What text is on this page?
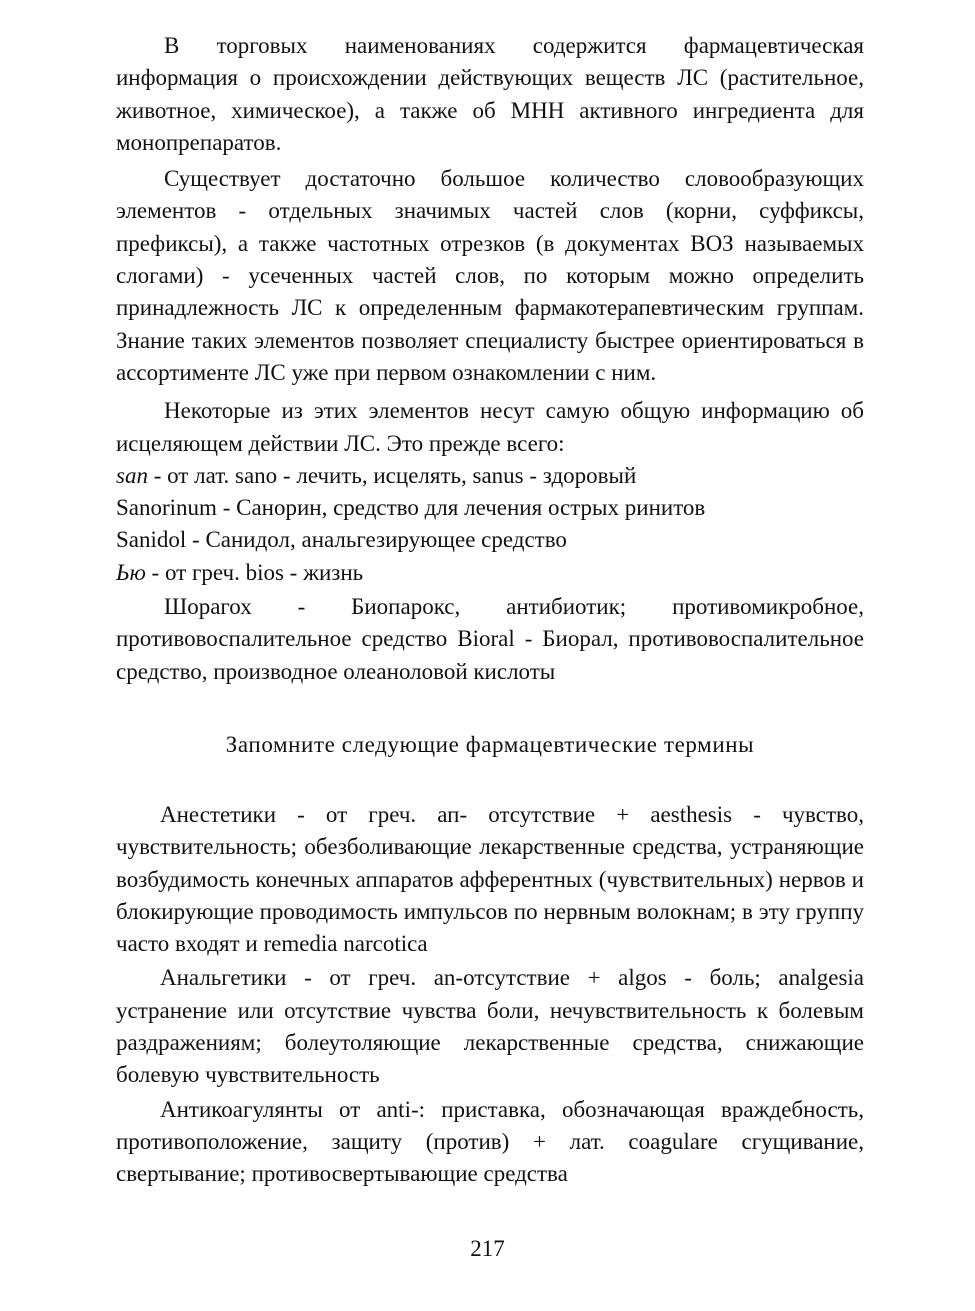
В торговых наименованиях содержится фармацевтическая информация о происхождении действующих веществ ЛС (растительное, животное, химическое), а также об МНН активного ингредиента для монопрепаратов.

Существует достаточно большое количество словообразующих элементов - отдельных значимых частей слов (корни, суффиксы, префиксы), а также частотных отрезков (в документах ВОЗ называемых слогами) - усеченных частей слов, по которым можно определить принадлежность ЛС к определенным фармакотерапевтическим группам. Знание таких элементов позволяет специалисту быстрее ориентироваться в ассортименте ЛС уже при первом ознакомлении с ним.

Некоторые из этих элементов несут самую общую информацию об исцеляющем действии ЛС. Это прежде всего:

san - от лат. sano - лечить, исцелять, sanus - здоровый

Sanorinum - Санорин, средство для лечения острых ринитов

Sanidol - Санидол, анальгезирующее средство

Ью - от греч. bios - жизнь

Шорагох - Биопарокс, антибиотик; противомикробное, противовоспалительное средство Bioral - Биорал, противовоспалительное средство, производное олеаноловой кислоты

Запомните следующие фармацевтические термины

Анестетики - от греч. ап- отсутствие + aesthesis - чувство, чувствительность; обезболивающие лекарственные средства, устраняющие возбудимость конечных аппаратов афферентных (чувствительных) нервов и блокирующие проводимость импульсов по нервным волокнам; в эту группу часто входят и remedia narcotica

Анальгетики - от греч. an-отсутствие + algos - боль; analgesia устранение или отсутствие чувства боли, нечувствительность к болевым раздражениям; болеутоляющие лекарственные средства, снижающие болевую чувствительность

Антикоагулянты от anti-: приставка, обозначающая враждебность, противоположение, защиту (против) + лат. coagulare сгущивание, свертывание; противосвертывающие средства

217
